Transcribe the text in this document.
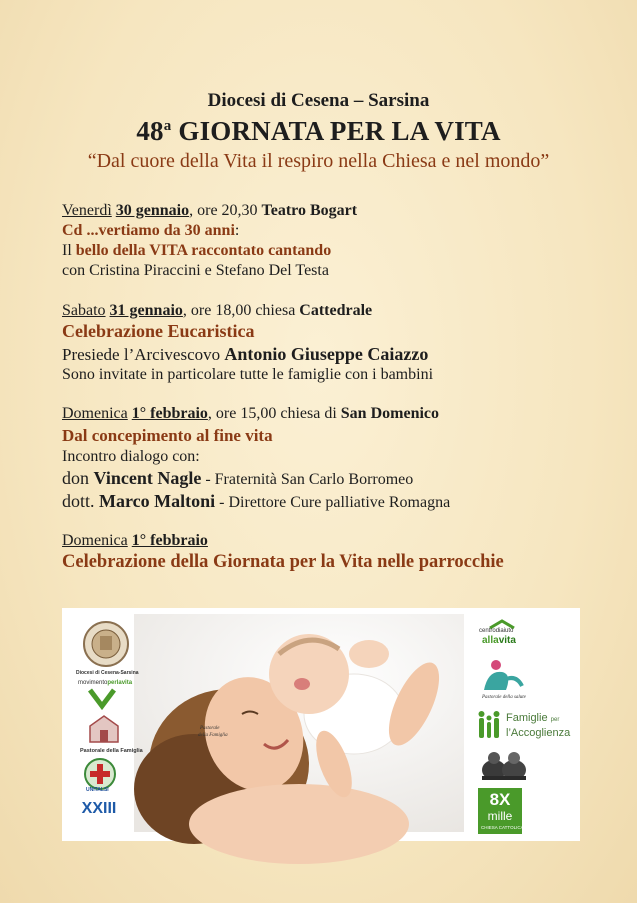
Diocesi di Cesena – Sarsina
48$^a$ GIORNATA PER LA VITA
“Dal cuore della Vita il respiro nella Chiesa e nel mondo”
Venerdì 30 gennaio, ore 20,30 Teatro Bogart
Cd ...vertiamo da 30 anni:
Il bello della VITA raccontato cantando
con Cristina Piraccini e Stefano Del Testa
Sabato 31 gennaio, ore 18,00 chiesa Cattedrale
Celebrazione Eucaristica
Presiede l’Arcivescovo Antonio Giuseppe Caiazzo
Sono invitate in particolare tutte le famiglie con i bambini
Domenica 1° febbraio, ore 15,00 chiesa di San Domenico
Dal concepimento al fine vita
Incontro dialogo con:
don Vincent Nagle - Fraternità San Carlo Borromeo
dott. Marco Maltoni - Direttore Cure palliative Romagna
Domenica 1° febbraio
Celebrazione della Giornata per la Vita nelle parrocchie
Pastorale
della Famiglia
Diocesi di Cesena-Sarsina
movimentoperlavita
Pastorale della Famiglia
UNITALSI
XXIII
centrodiaiuto
allavita
Pastorale della salute
Famiglie per
l’Accoglienza
8X
mille
CHIESA CATTOLICA
